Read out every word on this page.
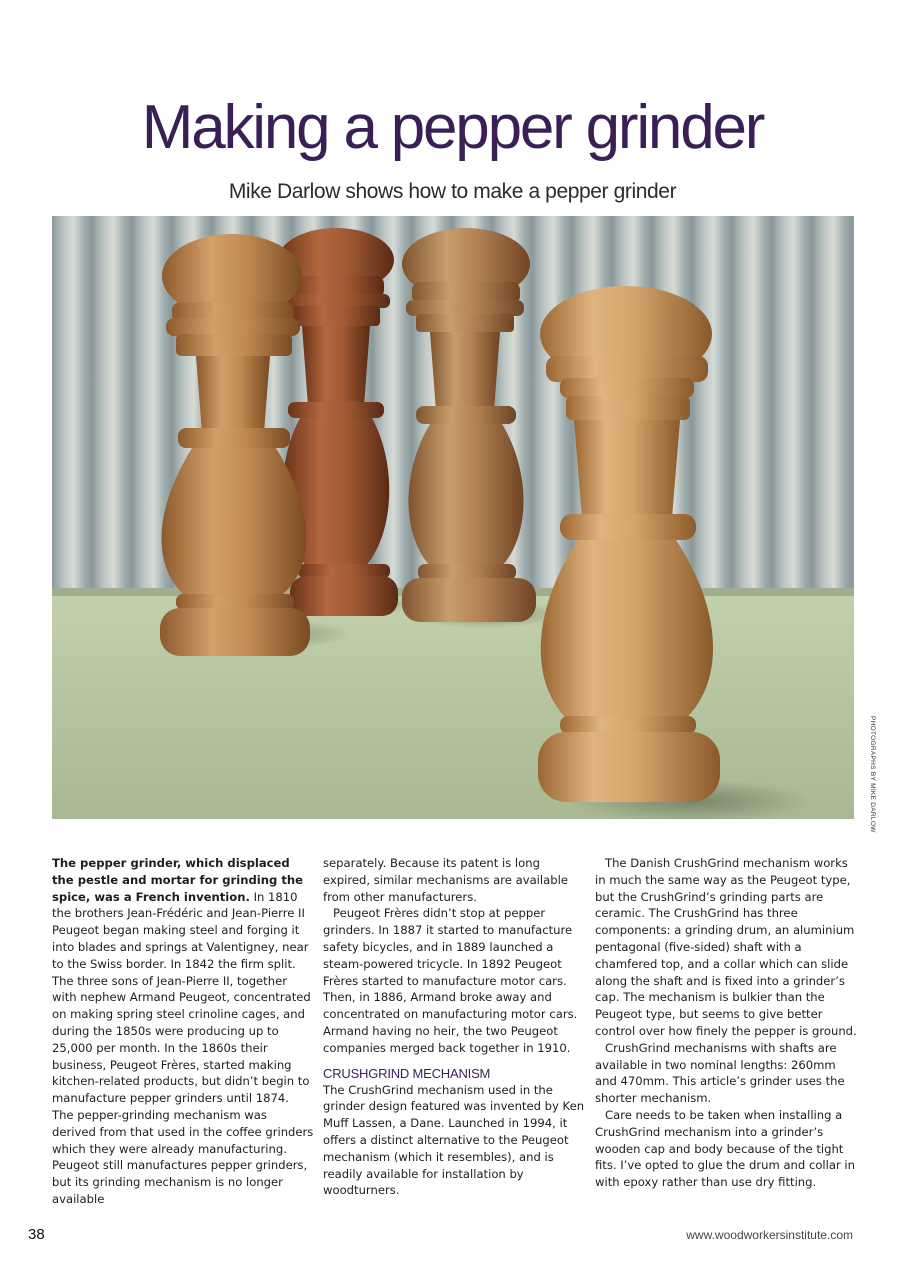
Making a pepper grinder
Mike Darlow shows how to make a pepper grinder
PHOTOGRAPHS BY MIKE DARLOW

The pepper grinder, which displaced the pestle and mortar for grinding the spice, was a French invention. In 1810 the brothers Jean-Frédéric and Jean-Pierre II Peugeot began making steel and forging it into blades and springs at Valentigney, near to the Swiss border. In 1842 the firm split. The three sons of Jean-Pierre II, together with nephew Armand Peugeot, concentrated on making spring steel crinoline cages, and during the 1850s were producing up to 25,000 per month. In the 1860s their business, Peugeot Frères, started making kitchen-related products, but didn’t begin to manufacture pepper grinders until 1874. The pepper-grinding mechanism was derived from that used in the coffee grinders which they were already manufacturing. Peugeot still manufactures pepper grinders, but its grinding mechanism is no longer available

separately. Because its patent is long expired, similar mechanisms are available from other manufacturers.

Peugeot Frères didn’t stop at pepper grinders. In 1887 it started to manufacture safety bicycles, and in 1889 launched a steam-powered tricycle. In 1892 Peugeot Frères started to manufacture motor cars. Then, in 1886, Armand broke away and concentrated on manufacturing motor cars. Armand having no heir, the two Peugeot companies merged back together in 1910.

CRUSHGRIND MECHANISM

The CrushGrind mechanism used in the grinder design featured was invented by Ken Muff Lassen, a Dane. Launched in 1994, it offers a distinct alternative to the Peugeot mechanism (which it resembles), and is readily available for installation by woodturners.

The Danish CrushGrind mechanism works in much the same way as the Peugeot type, but the CrushGrind’s grinding parts are ceramic. The CrushGrind has three components: a grinding drum, an aluminium pentagonal (five-sided) shaft with a chamfered top, and a collar which can slide along the shaft and is fixed into a grinder’s cap. The mechanism is bulkier than the Peugeot type, but seems to give better control over how finely the pepper is ground.

CrushGrind mechanisms with shafts are available in two nominal lengths: 260mm and 470mm. This article’s grinder uses the shorter mechanism.

Care needs to be taken when installing a CrushGrind mechanism into a grinder’s wooden cap and body because of the tight fits. I’ve opted to glue the drum and collar in with epoxy rather than use dry fitting.

38	www.woodworkersinstitute.com
